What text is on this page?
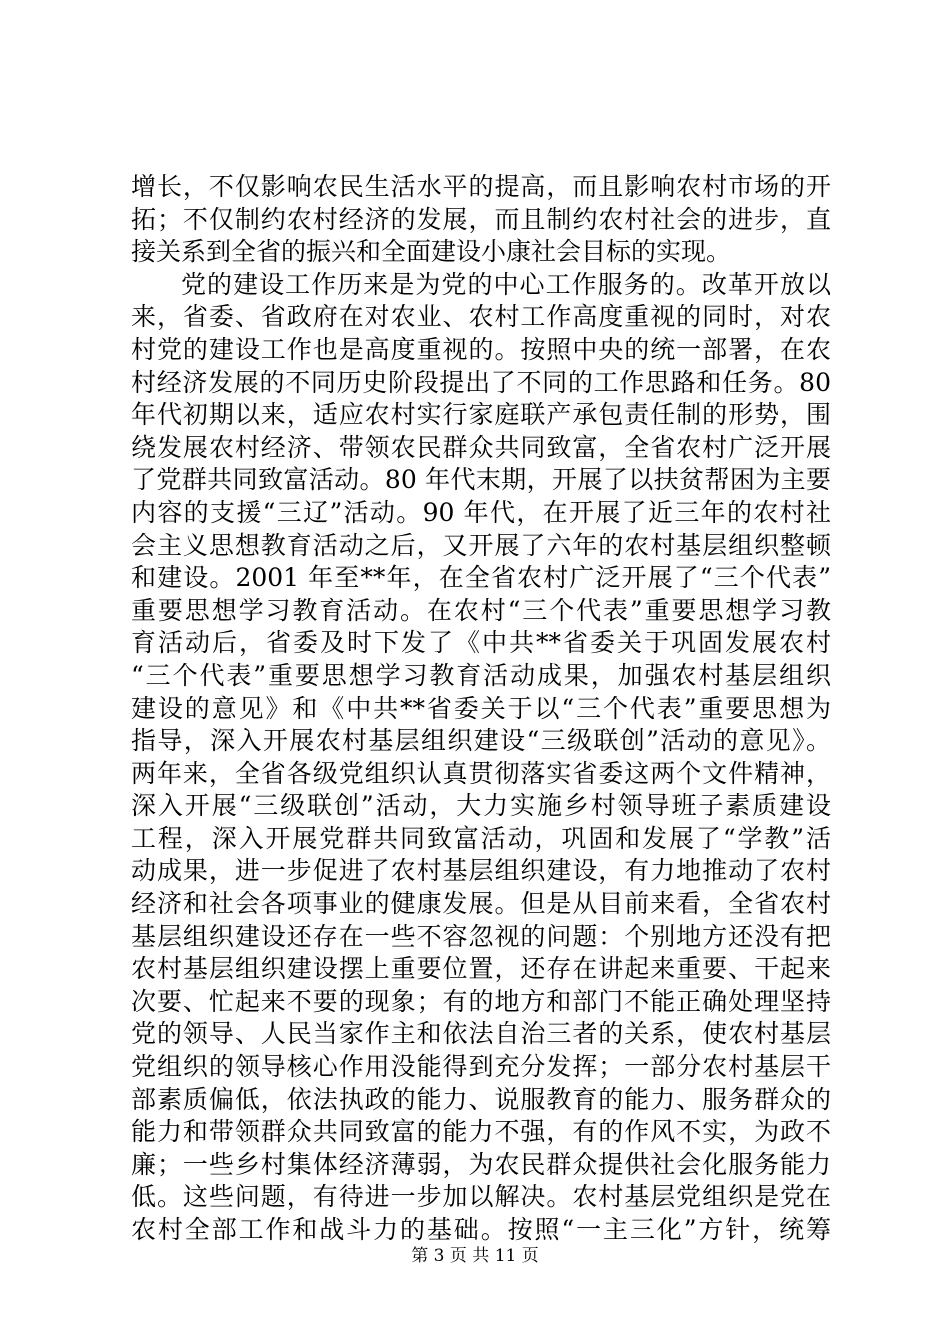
增长，不仅影响农民生活水平的提高，而且影响农村市场的开
拓；不仅制约农村经济的发展，而且制约农村社会的进步，直
接关系到全省的振兴和全面建设小康社会目标的实现。
党的建设工作历来是为党的中心工作服务的。改革开放以
来，省委、省政府在对农业、农村工作高度重视的同时，对农
村党的建设工作也是高度重视的。按照中央的统一部署，在农
村经济发展的不同历史阶段提出了不同的工作思路和任务。80
年代初期以来，适应农村实行家庭联产承包责任制的形势，围
绕发展农村经济、带领农民群众共同致富，全省农村广泛开展
了党群共同致富活动。80 年代末期，开展了以扶贫帮困为主要
内容的支援“三辽”活动。90 年代，在开展了近三年的农村社
会主义思想教育活动之后，又开展了六年的农村基层组织整顿
和建设。2001 年至**年，在全省农村广泛开展了“三个代表”
重要思想学习教育活动。在农村“三个代表”重要思想学习教
育活动后，省委及时下发了《中共**省委关于巩固发展农村
“三个代表”重要思想学习教育活动成果，加强农村基层组织
建设的意见》和《中共**省委关于以“三个代表”重要思想为
指导，深入开展农村基层组织建设“三级联创”活动的意见》。
两年来，全省各级党组织认真贯彻落实省委这两个文件精神，
深入开展“三级联创”活动，大力实施乡村领导班子素质建设
工程，深入开展党群共同致富活动，巩固和发展了“学教”活
动成果，进一步促进了农村基层组织建设，有力地推动了农村
经济和社会各项事业的健康发展。但是从目前来看，全省农村
基层组织建设还存在一些不容忽视的问题：个别地方还没有把
农村基层组织建设摆上重要位置，还存在讲起来重要、干起来
次要、忙起来不要的现象；有的地方和部门不能正确处理坚持
党的领导、人民当家作主和依法自治三者的关系，使农村基层
党组织的领导核心作用没能得到充分发挥；一部分农村基层干
部素质偏低，依法执政的能力、说服教育的能力、服务群众的
能力和带领群众共同致富的能力不强，有的作风不实，为政不
廉；一些乡村集体经济薄弱，为农民群众提供社会化服务能力
低。这些问题，有待进一步加以解决。农村基层党组织是党在
农村全部工作和战斗力的基础。按照“一主三化”方针，统筹
第 3 页 共 11 页
